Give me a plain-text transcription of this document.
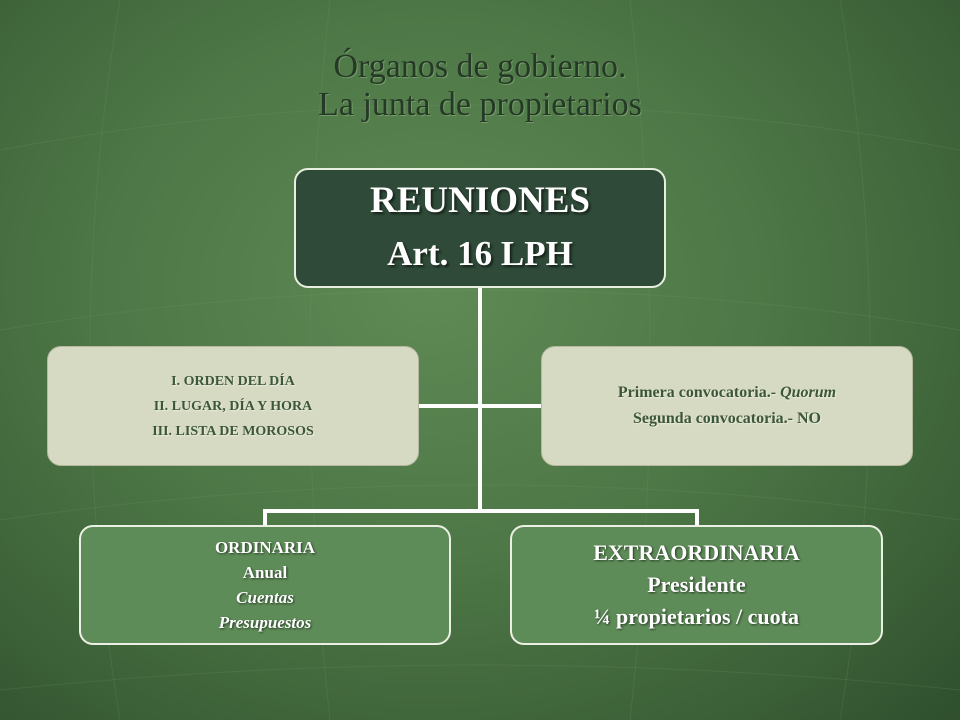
Órganos de gobierno.
La junta de propietarios
REUNIONES
Art. 16 LPH
I. ORDEN DEL DÍA
II. LUGAR, DÍA Y HORA
III. LISTA DE MOROSOS
Primera convocatoria.- Quorum
Segunda convocatoria.- NO
ORDINARIA
Anual
Cuentas
Presupuestos
EXTRAORDINARIA
Presidente
¼ propietarios / cuota
